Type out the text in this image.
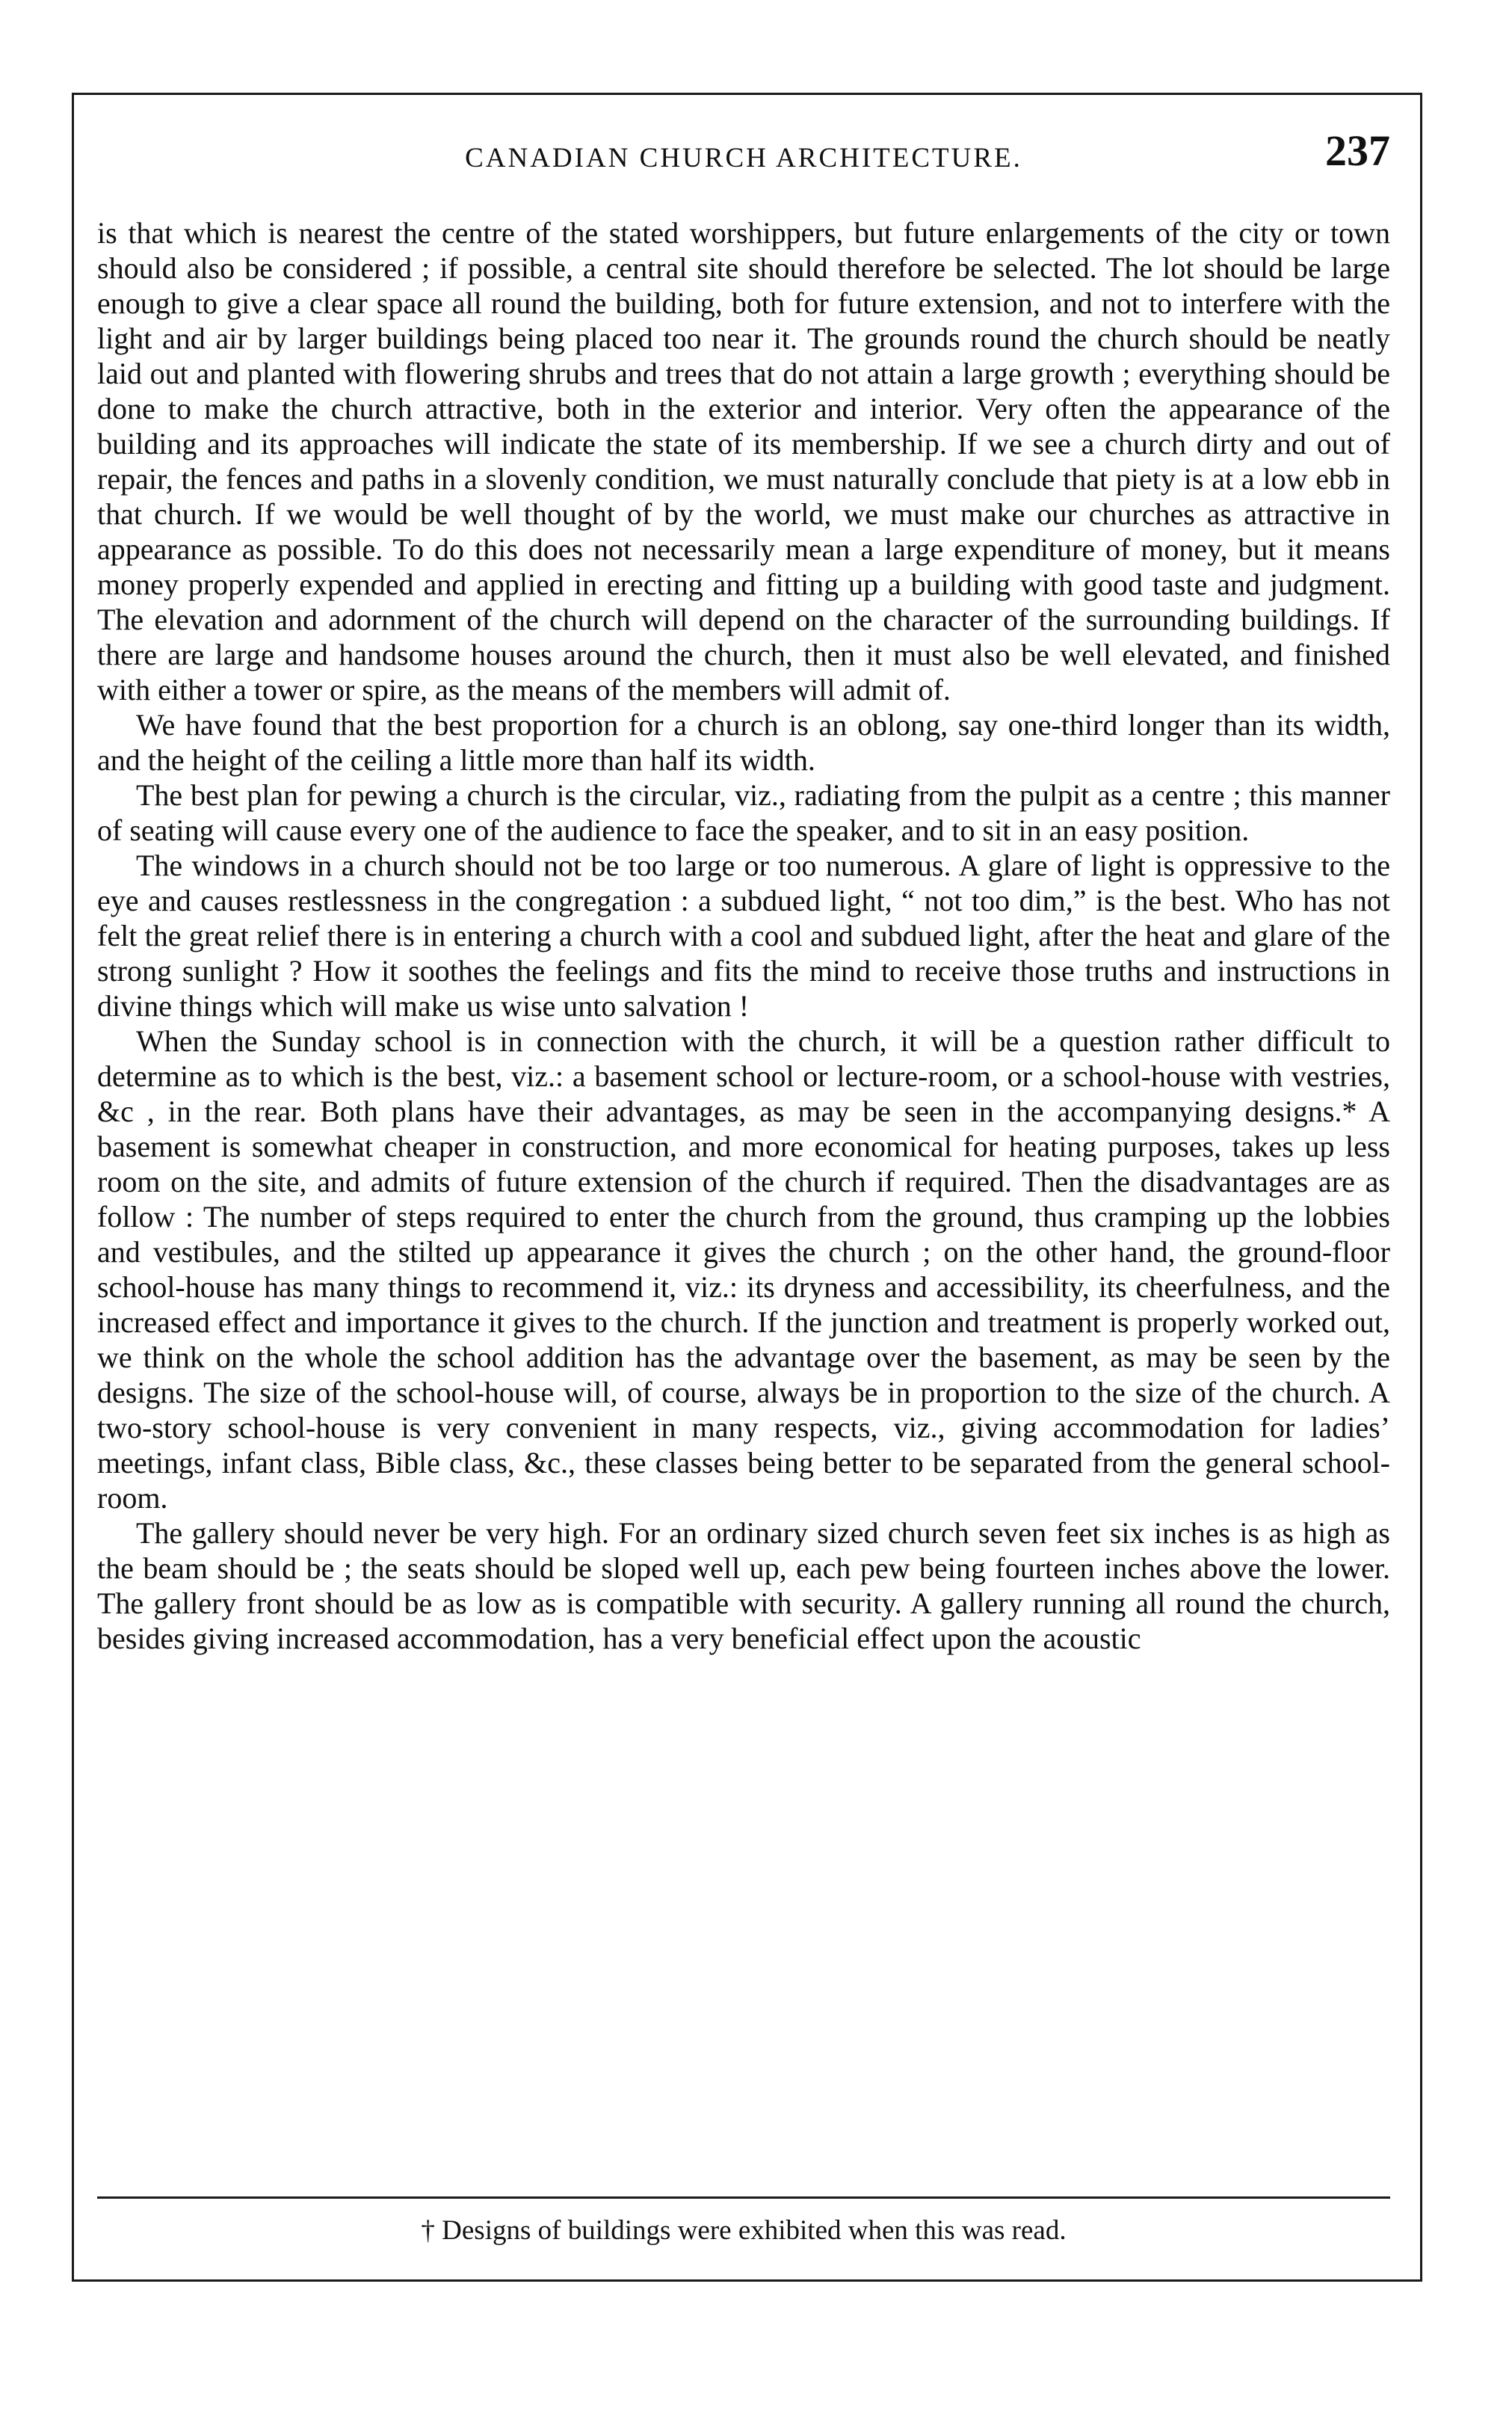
CANADIAN CHURCH ARCHITECTURE.	237

is that which is nearest the centre of the stated worshippers, but future enlargements of the city or town should also be considered ; if possible, a central site should therefore be selected. The lot should be large enough to give a clear space all round the building, both for future extension, and not to interfere with the light and air by larger buildings being placed too near it. The grounds round the church should be neatly laid out and planted with flowering shrubs and trees that do not attain a large growth ; everything should be done to make the church attractive, both in the exterior and interior. Very often the appearance of the building and its approaches will indicate the state of its membership. If we see a church dirty and out of repair, the fences and paths in a slovenly condition, we must naturally conclude that piety is at a low ebb in that church. If we would be well thought of by the world, we must make our churches as attractive in appearance as possible. To do this does not necessarily mean a large expenditure of money, but it means money properly expended and applied in erecting and fitting up a building with good taste and judgment. The elevation and adornment of the church will depend on the character of the surrounding buildings. If there are large and handsome houses around the church, then it must also be well elevated, and finished with either a tower or spire, as the means of the members will admit of.

We have found that the best proportion for a church is an oblong, say one-third longer than its width, and the height of the ceiling a little more than half its width.

The best plan for pewing a church is the circular, viz., radiating from the pulpit as a centre ; this manner of seating will cause every one of the audience to face the speaker, and to sit in an easy position.

The windows in a church should not be too large or too numerous. A glare of light is oppressive to the eye and causes restlessness in the congregation : a subdued light, “ not too dim,” is the best. Who has not felt the great relief there is in entering a church with a cool and subdued light, after the heat and glare of the strong sunlight ? How it soothes the feelings and fits the mind to receive those truths and instructions in divine things which will make us wise unto salvation !

When the Sunday school is in connection with the church, it will be a question rather difficult to determine as to which is the best, viz.: a basement school or lecture-room, or a school-house with vestries, &c , in the rear. Both plans have their advantages, as may be seen in the accompanying designs.* A basement is somewhat cheaper in construction, and more economical for heating purposes, takes up less room on the site, and admits of future extension of the church if required. Then the disadvantages are as follow : The number of steps required to enter the church from the ground, thus cramping up the lobbies and vestibules, and the stilted up appearance it gives the church ; on the other hand, the ground-floor school-house has many things to recommend it, viz.: its dryness and accessibility, its cheerfulness, and the increased effect and importance it gives to the church. If the junction and treatment is properly worked out, we think on the whole the school addition has the advantage over the basement, as may be seen by the designs. The size of the school-house will, of course, always be in proportion to the size of the church. A two-story school-house is very convenient in many respects, viz., giving accommodation for ladies’ meetings, infant class, Bible class, &c., these classes being better to be separated from the general school-room.

The gallery should never be very high. For an ordinary sized church seven feet six inches is as high as the beam should be ; the seats should be sloped well up, each pew being fourteen inches above the lower. The gallery front should be as low as is compatible with security. A gallery running all round the church, besides giving increased accommodation, has a very beneficial effect upon the acoustic

† Designs of buildings were exhibited when this was read.
